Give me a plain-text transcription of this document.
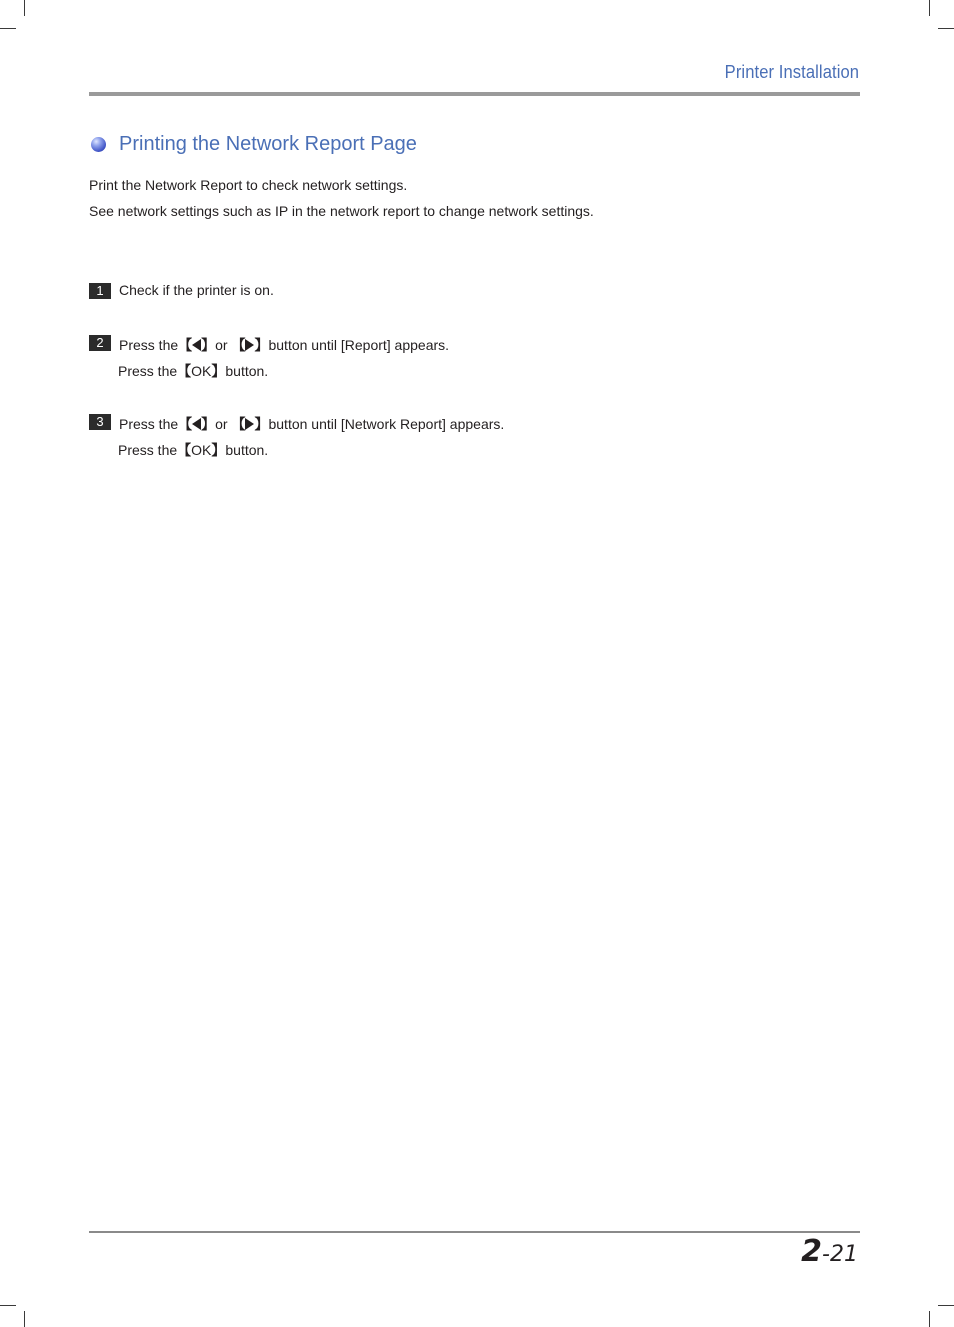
Printer Installation
Printing the Network Report Page
Print the Network Report to check network settings.
See network settings such as IP in the network report to change network settings.
1	Check if the printer is on.
2	Press the【 】or 【 】button until [Report] appears.
Press the【OK】button.
3	Press the【 】or 【 】button until [Network Report] appears.
Press the【OK】button.
2-21
